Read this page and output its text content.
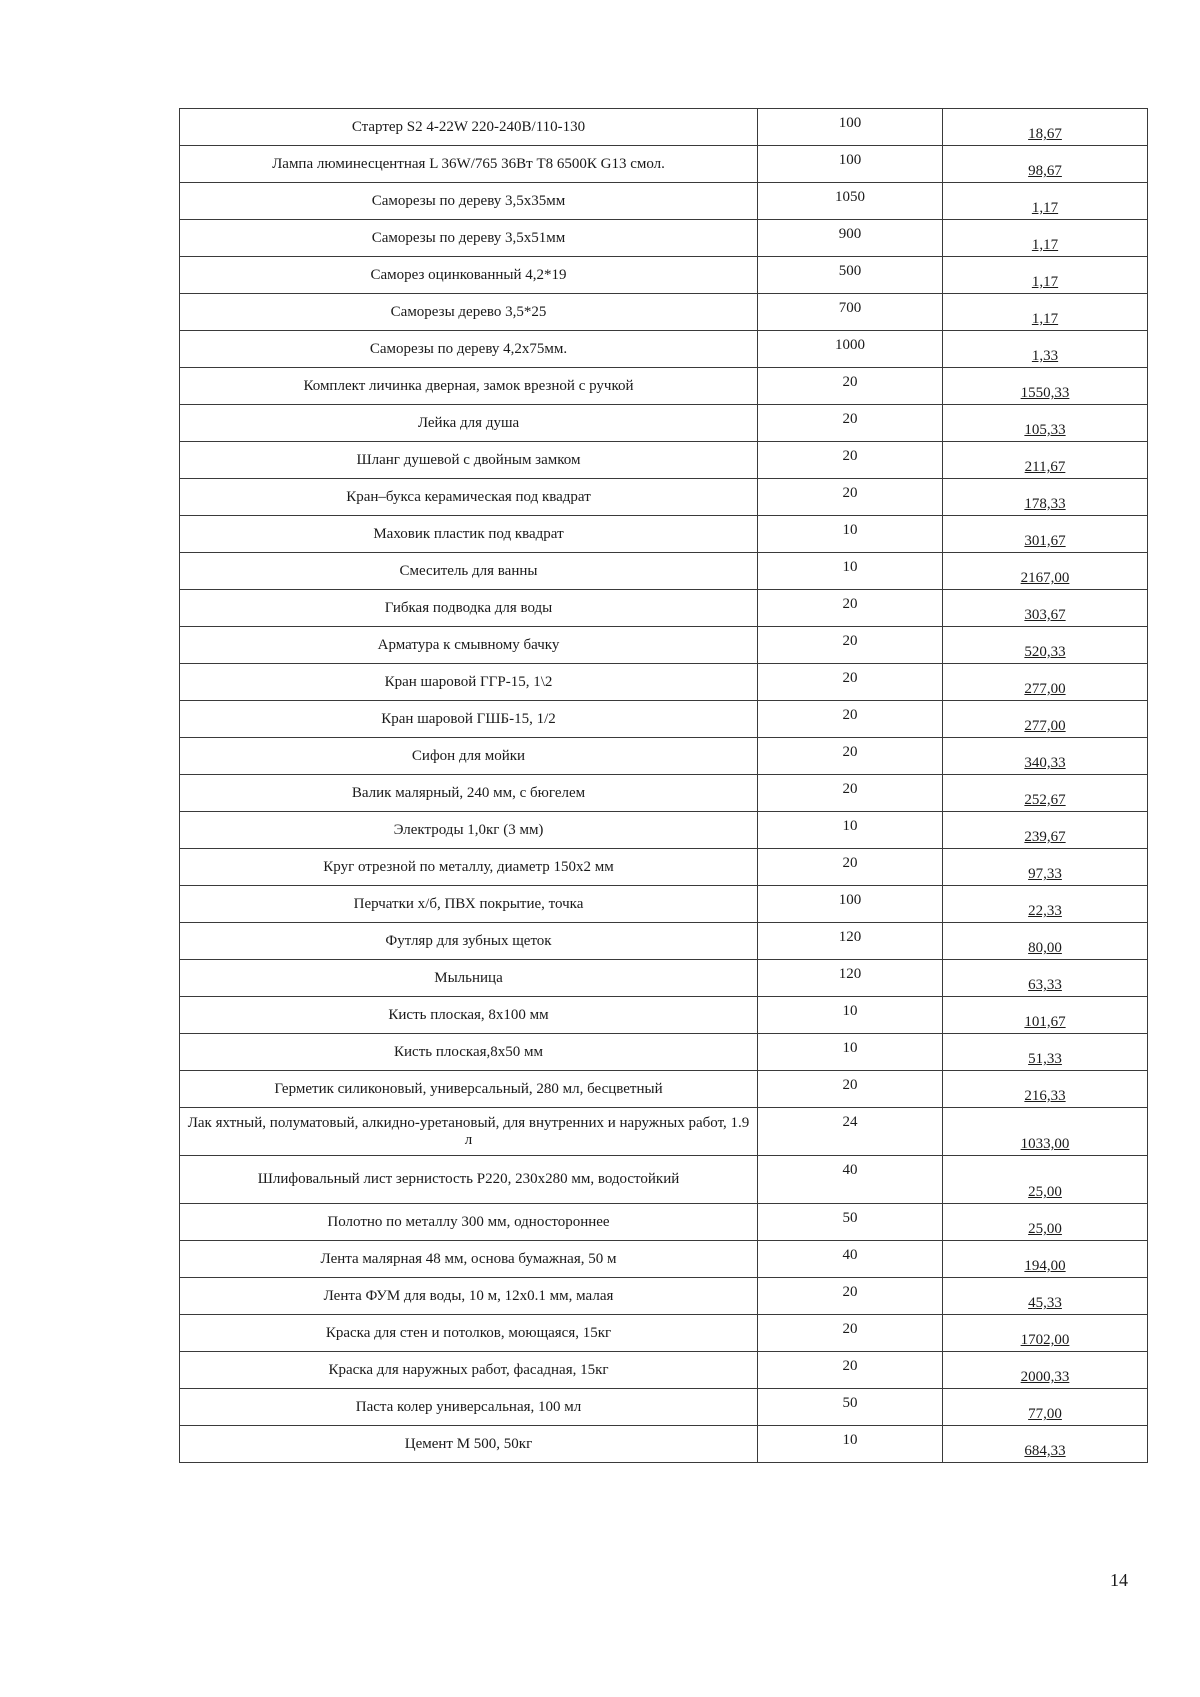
Стартер S2 4-22W 220-240В/110-130	100	18,67
Лампа люминесцентная L 36W/765 36Вт Т8 6500К G13 смол.	100	98,67
Саморезы по дереву 3,5х35мм	1050	1,17
Саморезы по дереву 3,5х51мм	900	1,17
Саморез оцинкованный 4,2*19	500	1,17
Саморезы дерево 3,5*25	700	1,17
Саморезы по дереву 4,2х75мм.	1000	1,33
Комплект личинка дверная, замок врезной с ручкой	20	1550,33
Лейка для душа	20	105,33
Шланг душевой с двойным замком	20	211,67
Кран–букса керамическая под квадрат	20	178,33
Маховик пластик под квадрат	10	301,67
Смеситель для ванны	10	2167,00
Гибкая подводка для воды	20	303,67
Арматура к смывному бачку	20	520,33
Кран шаровой ГГР-15, 1\2	20	277,00
Кран шаровой ГШБ-15, 1/2	20	277,00
Сифон для мойки	20	340,33
Валик малярный, 240 мм, с бюгелем	20	252,67
Электроды 1,0кг (3 мм)	10	239,67
Круг отрезной по металлу, диаметр 150х2 мм	20	97,33
Перчатки х/б, ПВХ покрытие, точка	100	22,33
Футляр для зубных щеток	120	80,00
Мыльница	120	63,33
Кисть плоская, 8х100 мм	10	101,67
Кисть плоская,8х50 мм	10	51,33
Герметик силиконовый, универсальный, 280 мл, бесцветный	20	216,33
Лак яхтный, полуматовый, алкидно-уретановый, для внутренних и наружных работ, 1.9 л	24	1033,00
Шлифовальный лист зернистость Р220, 230х280 мм, водостойкий	40	25,00
Полотно по металлу 300 мм, одностороннее	50	25,00
Лента малярная 48 мм, основа бумажная, 50 м	40	194,00
Лента ФУМ для воды, 10 м, 12х0.1 мм, малая	20	45,33
Краска для стен и потолков, моющаяся, 15кг	20	1702,00
Краска для наружных работ, фасадная, 15кг	20	2000,33
Паста колер универсальная, 100 мл	50	77,00
Цемент М 500, 50кг	10	684,33
14
